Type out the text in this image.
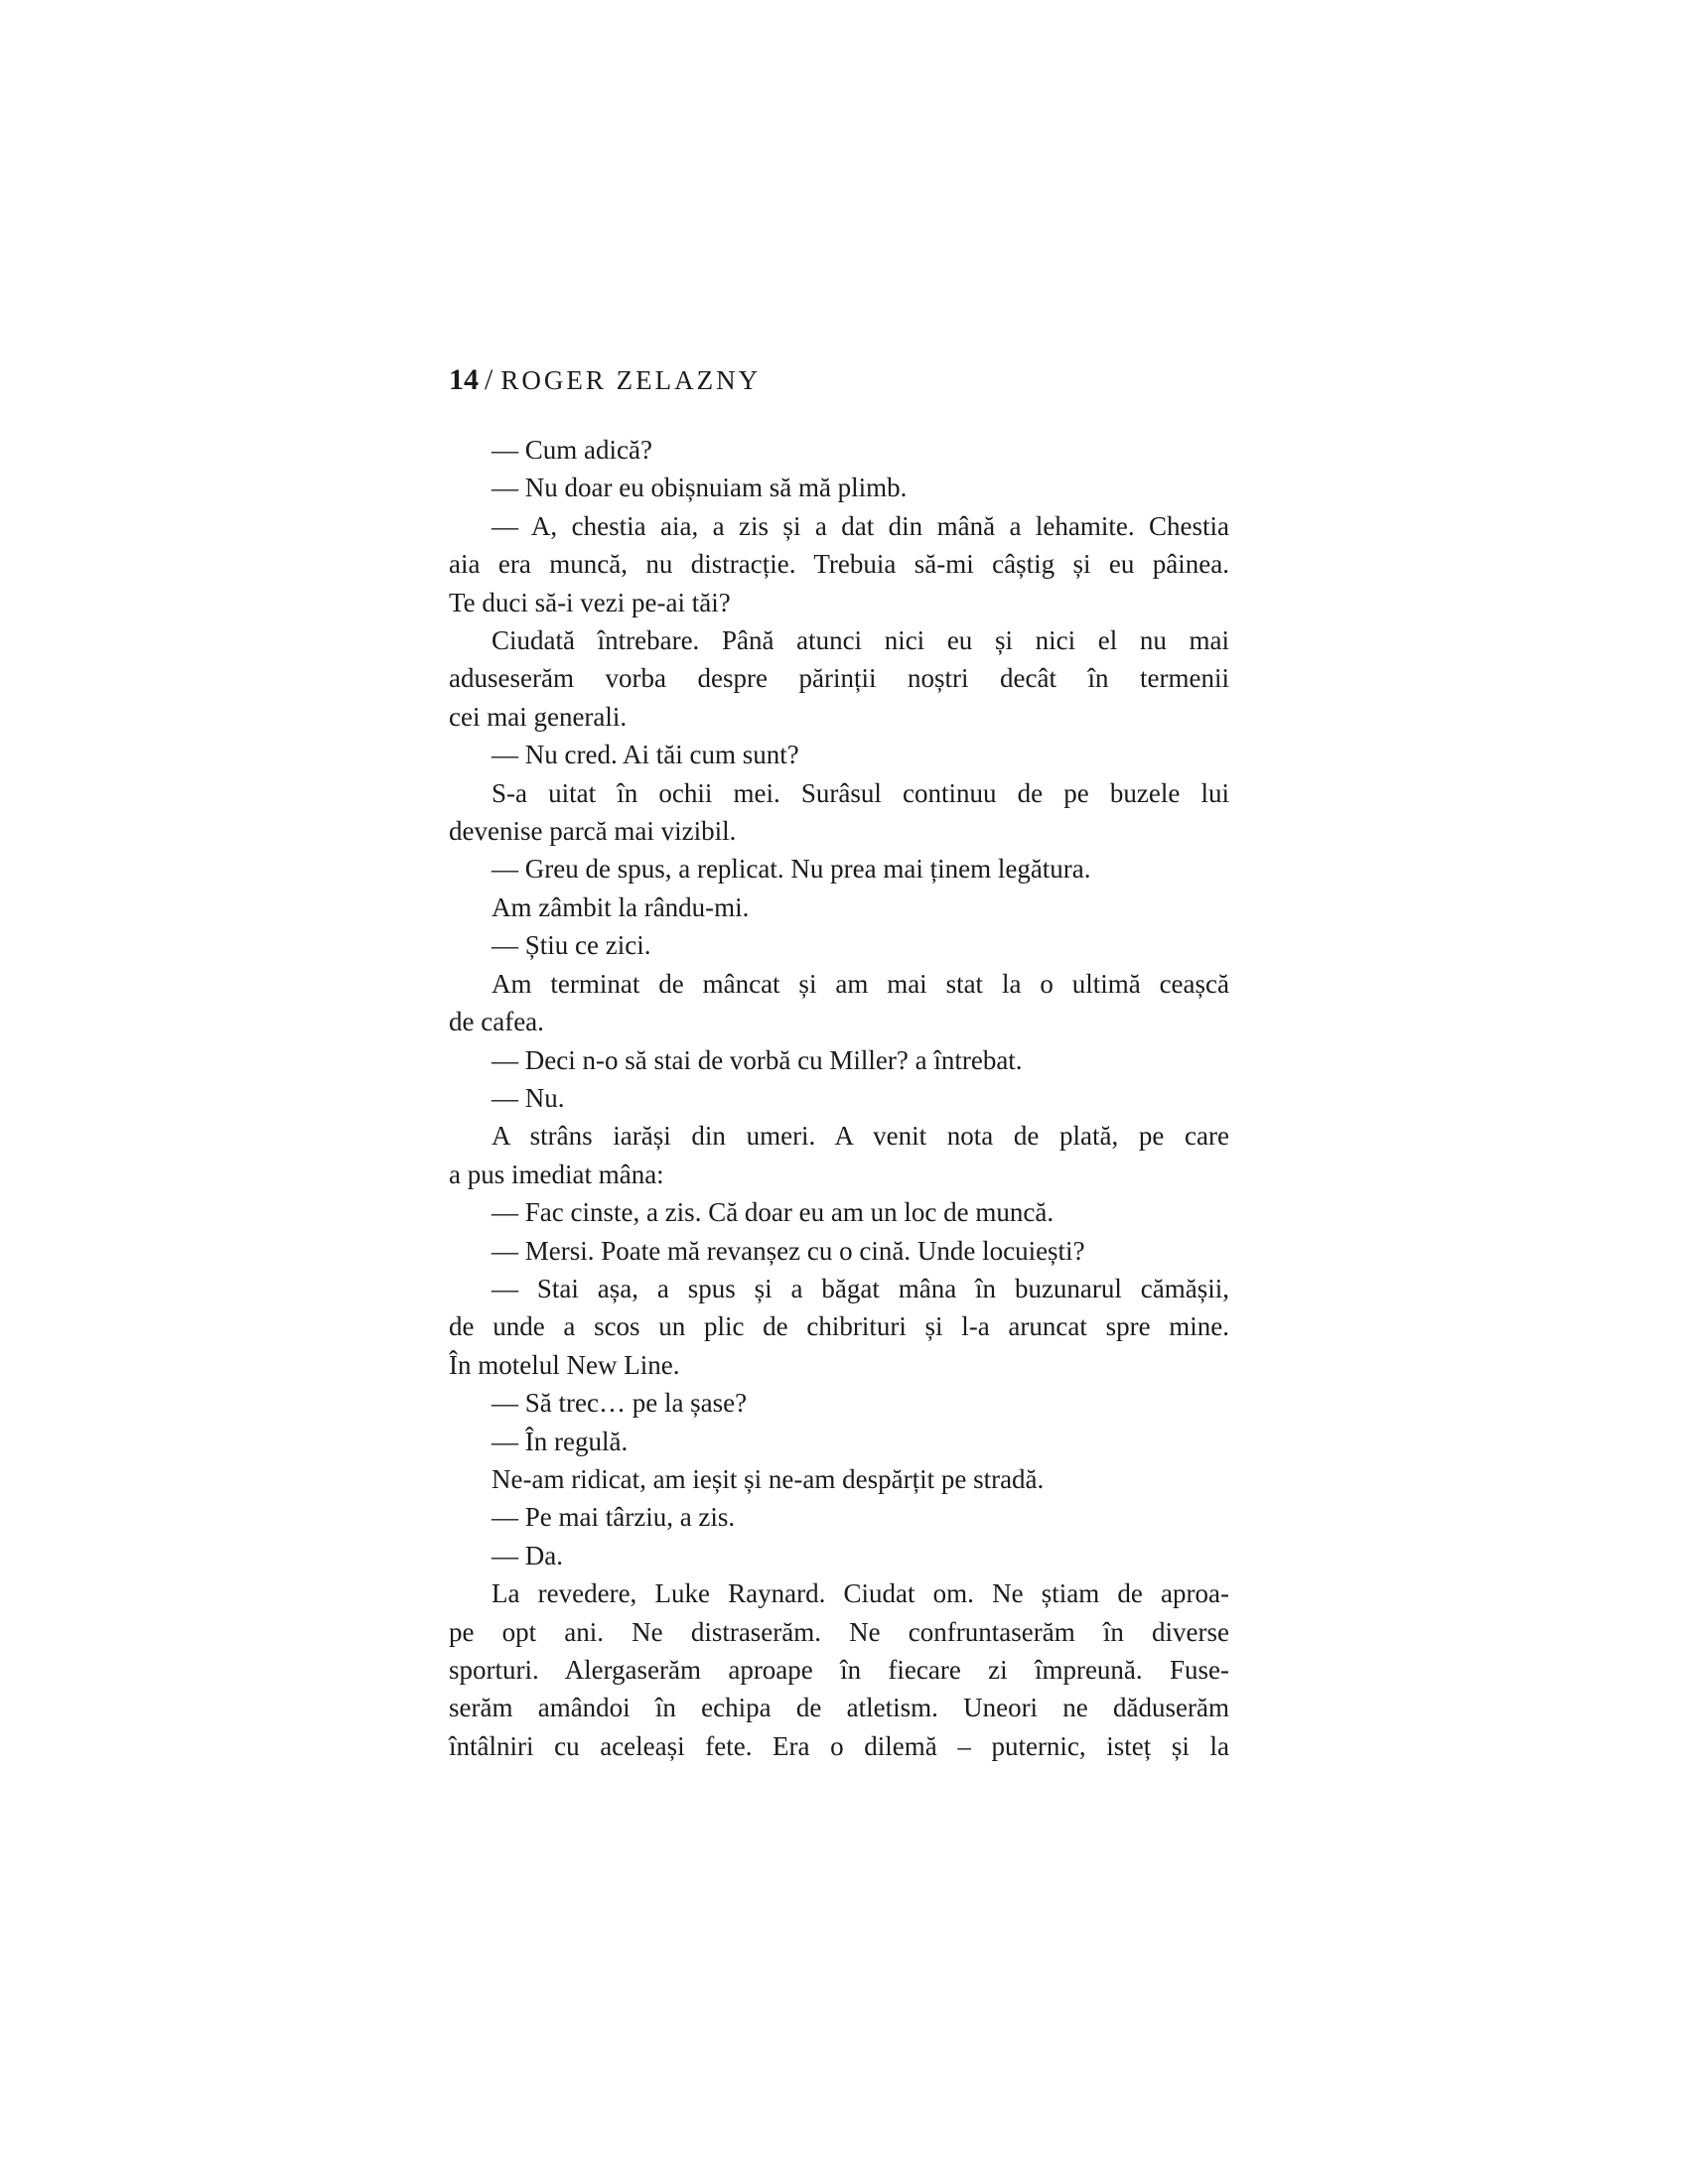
14 / ROGER ZELAZNY
— Cum adică?
— Nu doar eu obișnuiam să mă plimb.
— A, chestia aia, a zis și a dat din mână a lehamite. Chestia
aia era muncă, nu distracție. Trebuia să-mi câștig și eu pâinea.
Te duci să-i vezi pe-ai tăi?
Ciudată întrebare. Până atunci nici eu și nici el nu mai
aduseserăm vorba despre părinții noștri decât în termenii
cei mai generali.
— Nu cred. Ai tăi cum sunt?
S-a uitat în ochii mei. Surâsul continuu de pe buzele lui
devenise parcă mai vizibil.
— Greu de spus, a replicat. Nu prea mai ținem legătura.
Am zâmbit la rându-mi.
— Știu ce zici.
Am terminat de mâncat și am mai stat la o ultimă ceașcă
de cafea.
— Deci n-o să stai de vorbă cu Miller? a întrebat.
— Nu.
A strâns iarăși din umeri. A venit nota de plată, pe care
a pus imediat mâna:
— Fac cinste, a zis. Că doar eu am un loc de muncă.
— Mersi. Poate mă revanșez cu o cină. Unde locuiești?
— Stai așa, a spus și a băgat mâna în buzunarul cămășii,
de unde a scos un plic de chibrituri și l-a aruncat spre mine.
În motelul New Line.
— Să trec… pe la șase?
— În regulă.
Ne-am ridicat, am ieșit și ne-am despărțit pe stradă.
— Pe mai târziu, a zis.
— Da.
La revedere, Luke Raynard. Ciudat om. Ne știam de aproa-
pe opt ani. Ne distraserăm. Ne confruntaserăm în diverse
sporturi. Alergaserăm aproape în fiecare zi împreună. Fuse-
serăm amândoi în echipa de atletism. Uneori ne dăduserăm
întâlniri cu aceleași fete. Era o dilemă – puternic, isteț și la
